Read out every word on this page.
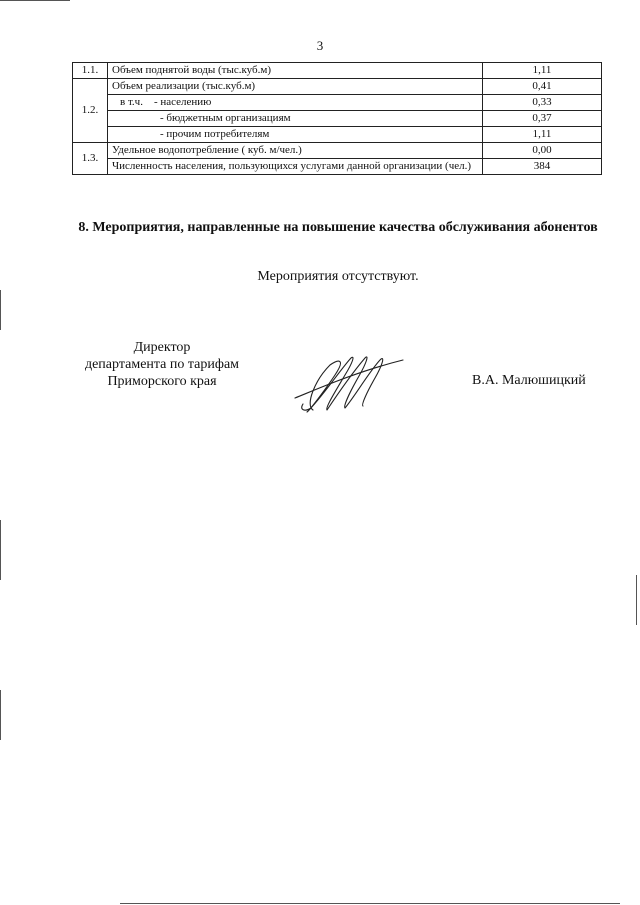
3
1.1.	Объем поднятой воды (тыс.куб.м)	1,11
1.2.	Объем реализации (тыс.куб.м)	0,41
	в т.ч.    - населению	0,33
	- бюджетным организациям	0,37
	- прочим потребителям	1,11
1.3.	Удельное водопотребление ( куб. м/чел.)	0,00
	Численность населения, пользующихся услугами данной организации (чел.)	384
8. Мероприятия, направленные на повышение качества обслуживания абонентов
Мероприятия отсутствуют.
Директор
департамента по тарифам
Приморского края	В.А. Малюшицкий
